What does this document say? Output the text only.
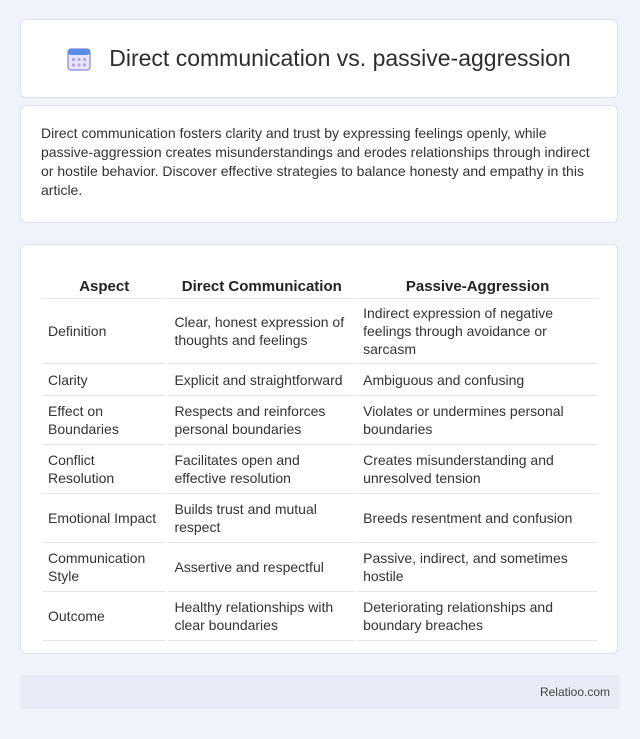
Direct communication vs. passive-aggression

Direct communication fosters clarity and trust by expressing feelings openly, while passive-aggression creates misunderstandings and erodes relationships through indirect or hostile behavior. Discover effective strategies to balance honesty and empathy in this article.

Aspect	Direct Communication	Passive-Aggression
Definition	Clear, honest expression of thoughts and feelings	Indirect expression of negative feelings through avoidance or sarcasm
Clarity	Explicit and straightforward	Ambiguous and confusing
Effect on Boundaries	Respects and reinforces personal boundaries	Violates or undermines personal boundaries
Conflict Resolution	Facilitates open and effective resolution	Creates misunderstanding and unresolved tension
Emotional Impact	Builds trust and mutual respect	Breeds resentment and confusion
Communication Style	Assertive and respectful	Passive, indirect, and sometimes hostile
Outcome	Healthy relationships with clear boundaries	Deteriorating relationships and boundary breaches
Relatioo.com
